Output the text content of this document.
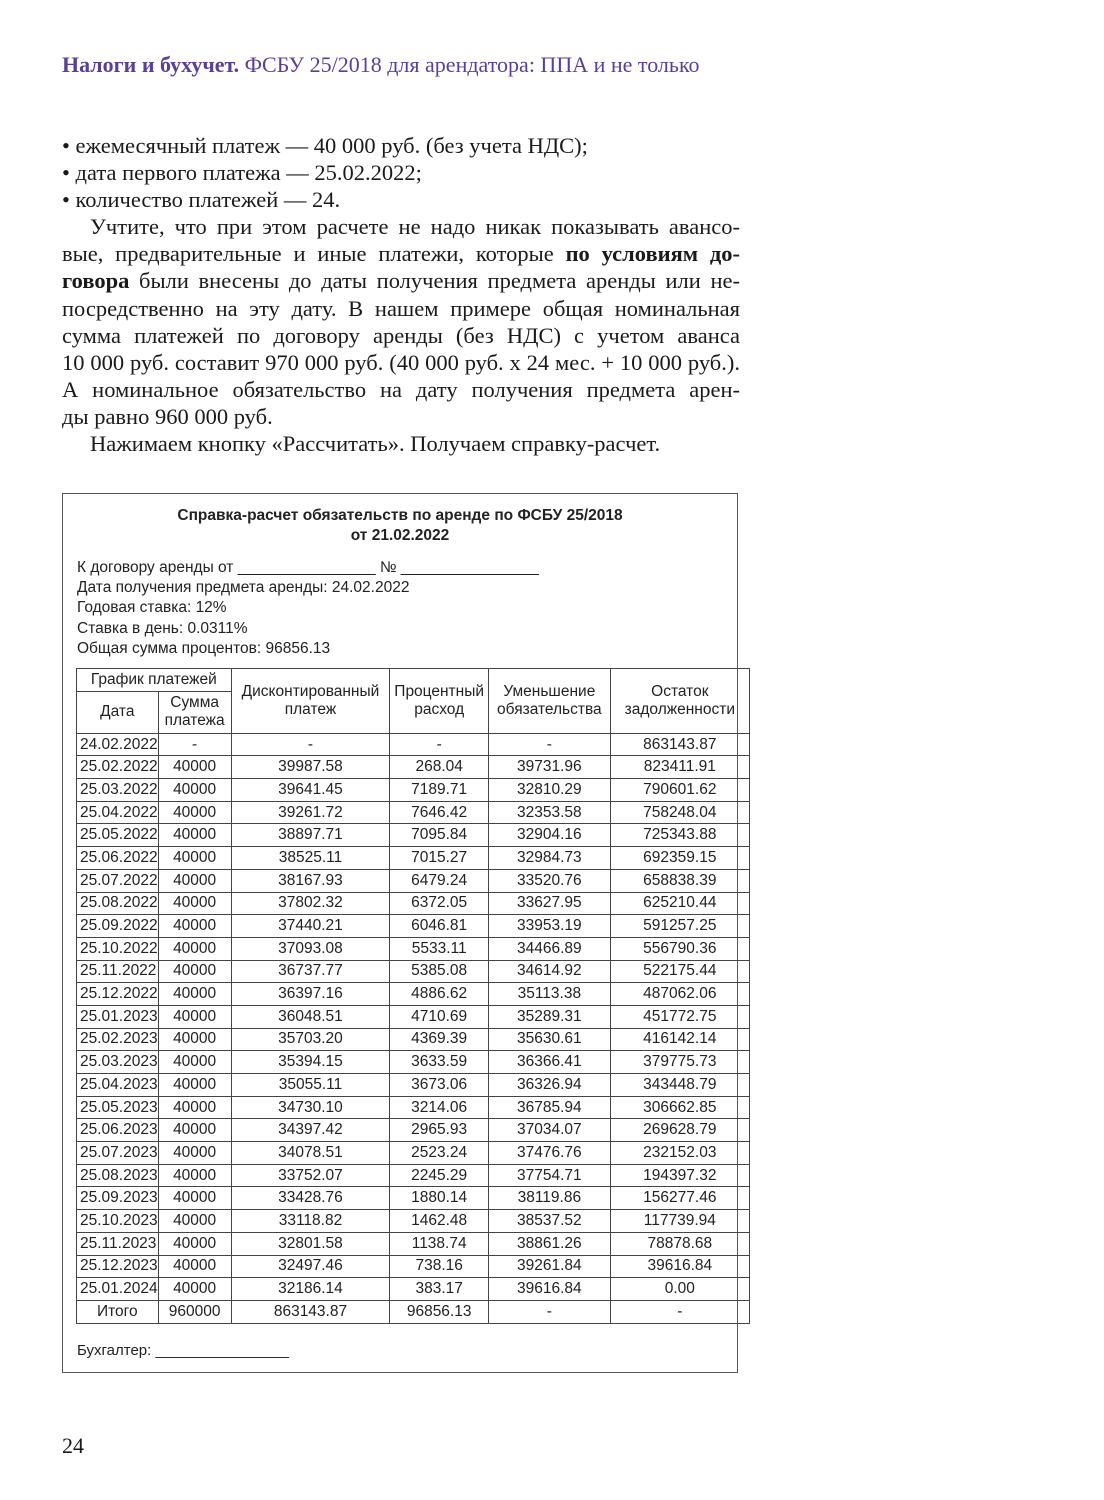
Налоги и бухучет. ФСБУ 25/2018 для арендатора: ППА и не только
• ежемесячный платеж — 40 000 руб. (без учета НДС);
• дата первого платежа — 25.02.2022;
• количество платежей — 24.
Учтите, что при этом расчете не надо никак показывать авансо-
вые, предварительные и иные платежи, которые по условиям до-
говора были внесены до даты получения предмета аренды или не-
посредственно на эту дату. В нашем примере общая номинальная
сумма платежей по договору аренды (без НДС) с учетом аванса
10 000 руб. составит 970 000 руб. (40 000 руб. х 24 мес. + 10 000 руб.).
А номинальное обязательство на дату получения предмета арен-
ды равно 960 000 руб.
Нажимаем кнопку «Рассчитать». Получаем справку-расчет.
Справка-расчет обязательств по аренде по ФСБУ 25/2018
от 21.02.2022
К договору аренды от ________________ № ________________
Дата получения предмета аренды: 24.02.2022
Годовая ставка: 12%
Ставка в день: 0.0311%
Общая сумма процентов: 96856.13
График платежей		Дисконтированный платеж	Процентный расход	Уменьшение обязательства	Остаток задолженности
Дата	Сумма платежа				
24.02.2022	-	-	-	-	863143.87
25.02.2022	40000	39987.58	268.04	39731.96	823411.91
25.03.2022	40000	39641.45	7189.71	32810.29	790601.62
25.04.2022	40000	39261.72	7646.42	32353.58	758248.04
25.05.2022	40000	38897.71	7095.84	32904.16	725343.88
25.06.2022	40000	38525.11	7015.27	32984.73	692359.15
25.07.2022	40000	38167.93	6479.24	33520.76	658838.39
25.08.2022	40000	37802.32	6372.05	33627.95	625210.44
25.09.2022	40000	37440.21	6046.81	33953.19	591257.25
25.10.2022	40000	37093.08	5533.11	34466.89	556790.36
25.11.2022	40000	36737.77	5385.08	34614.92	522175.44
25.12.2022	40000	36397.16	4886.62	35113.38	487062.06
25.01.2023	40000	36048.51	4710.69	35289.31	451772.75
25.02.2023	40000	35703.20	4369.39	35630.61	416142.14
25.03.2023	40000	35394.15	3633.59	36366.41	379775.73
25.04.2023	40000	35055.11	3673.06	36326.94	343448.79
25.05.2023	40000	34730.10	3214.06	36785.94	306662.85
25.06.2023	40000	34397.42	2965.93	37034.07	269628.79
25.07.2023	40000	34078.51	2523.24	37476.76	232152.03
25.08.2023	40000	33752.07	2245.29	37754.71	194397.32
25.09.2023	40000	33428.76	1880.14	38119.86	156277.46
25.10.2023	40000	33118.82	1462.48	38537.52	117739.94
25.11.2023	40000	32801.58	1138.74	38861.26	78878.68
25.12.2023	40000	32497.46	738.16	39261.84	39616.84
25.01.2024	40000	32186.14	383.17	39616.84	0.00
Итого	960000	863143.87	96856.13	-	-
Бухгалтер: ________________
24
